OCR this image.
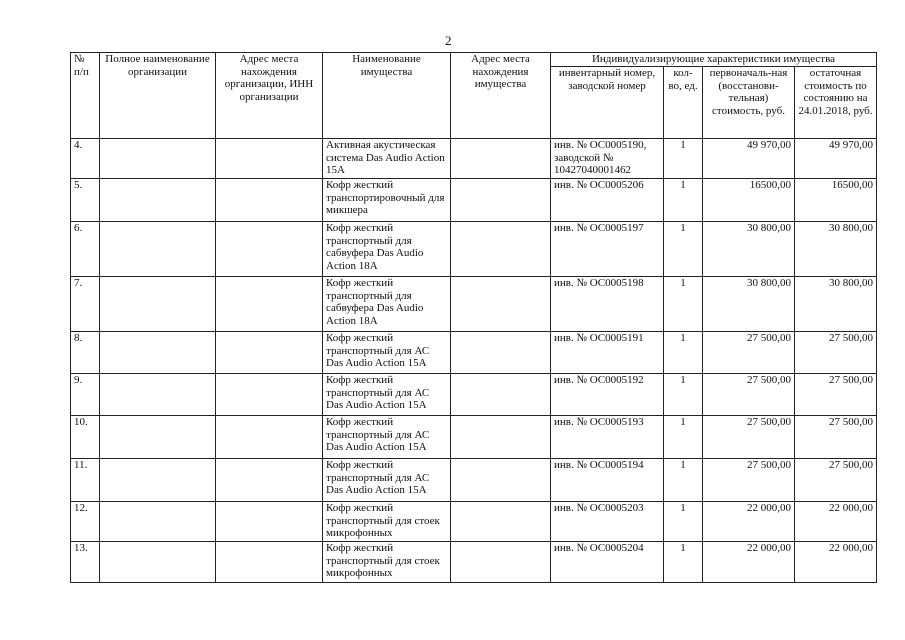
2
№ п/п	Полное наименование организации	Адрес места нахождения организации, ИНН организации	Наименование имущества	Адрес места нахождения имущества	Индивидуализирующие характеристики имущества			
					инвентарный номер, заводской номер	кол-во, ед.	первоначаль-ная (восстанови-тельная) стоимость, руб.	остаточная стоимость по состоянию на 24.01.2018, руб.
4.			Активная акустическая система Das Audio Action 15A		инв. № ОС0005190, заводской № 10427040001462	1	49 970,00	49 970,00
5.			Кофр жесткий транспортировочный для микшера		инв. № ОС0005206	1	16500,00	16500,00
6.			Кофр жесткий транспортный для сабвуфера Das Audio Action 18A		инв. № ОС0005197	1	30 800,00	30 800,00
7.			Кофр жесткий транспортный для сабвуфера Das Audio Action 18A		инв. № ОС0005198	1	30 800,00	30 800,00
8.			Кофр жесткий транспортный для АС Das Audio Action 15A		инв. № ОС0005191	1	27 500,00	27 500,00
9.			Кофр жесткий транспортный для АС Das Audio Action 15A		инв. № ОС0005192	1	27 500,00	27 500,00
10.			Кофр жесткий транспортный для АС Das Audio Action 15A		инв. № ОС0005193	1	27 500,00	27 500,00
11.			Кофр жесткий транспортный для АС Das Audio Action 15A		инв. № ОС0005194	1	27 500,00	27 500,00
12.			Кофр жесткий транспортный для стоек микрофонных		инв. № ОС0005203	1	22 000,00	22 000,00
13.			Кофр жесткий транспортный для стоек микрофонных		инв. № ОС0005204	1	22 000,00	22 000,00
